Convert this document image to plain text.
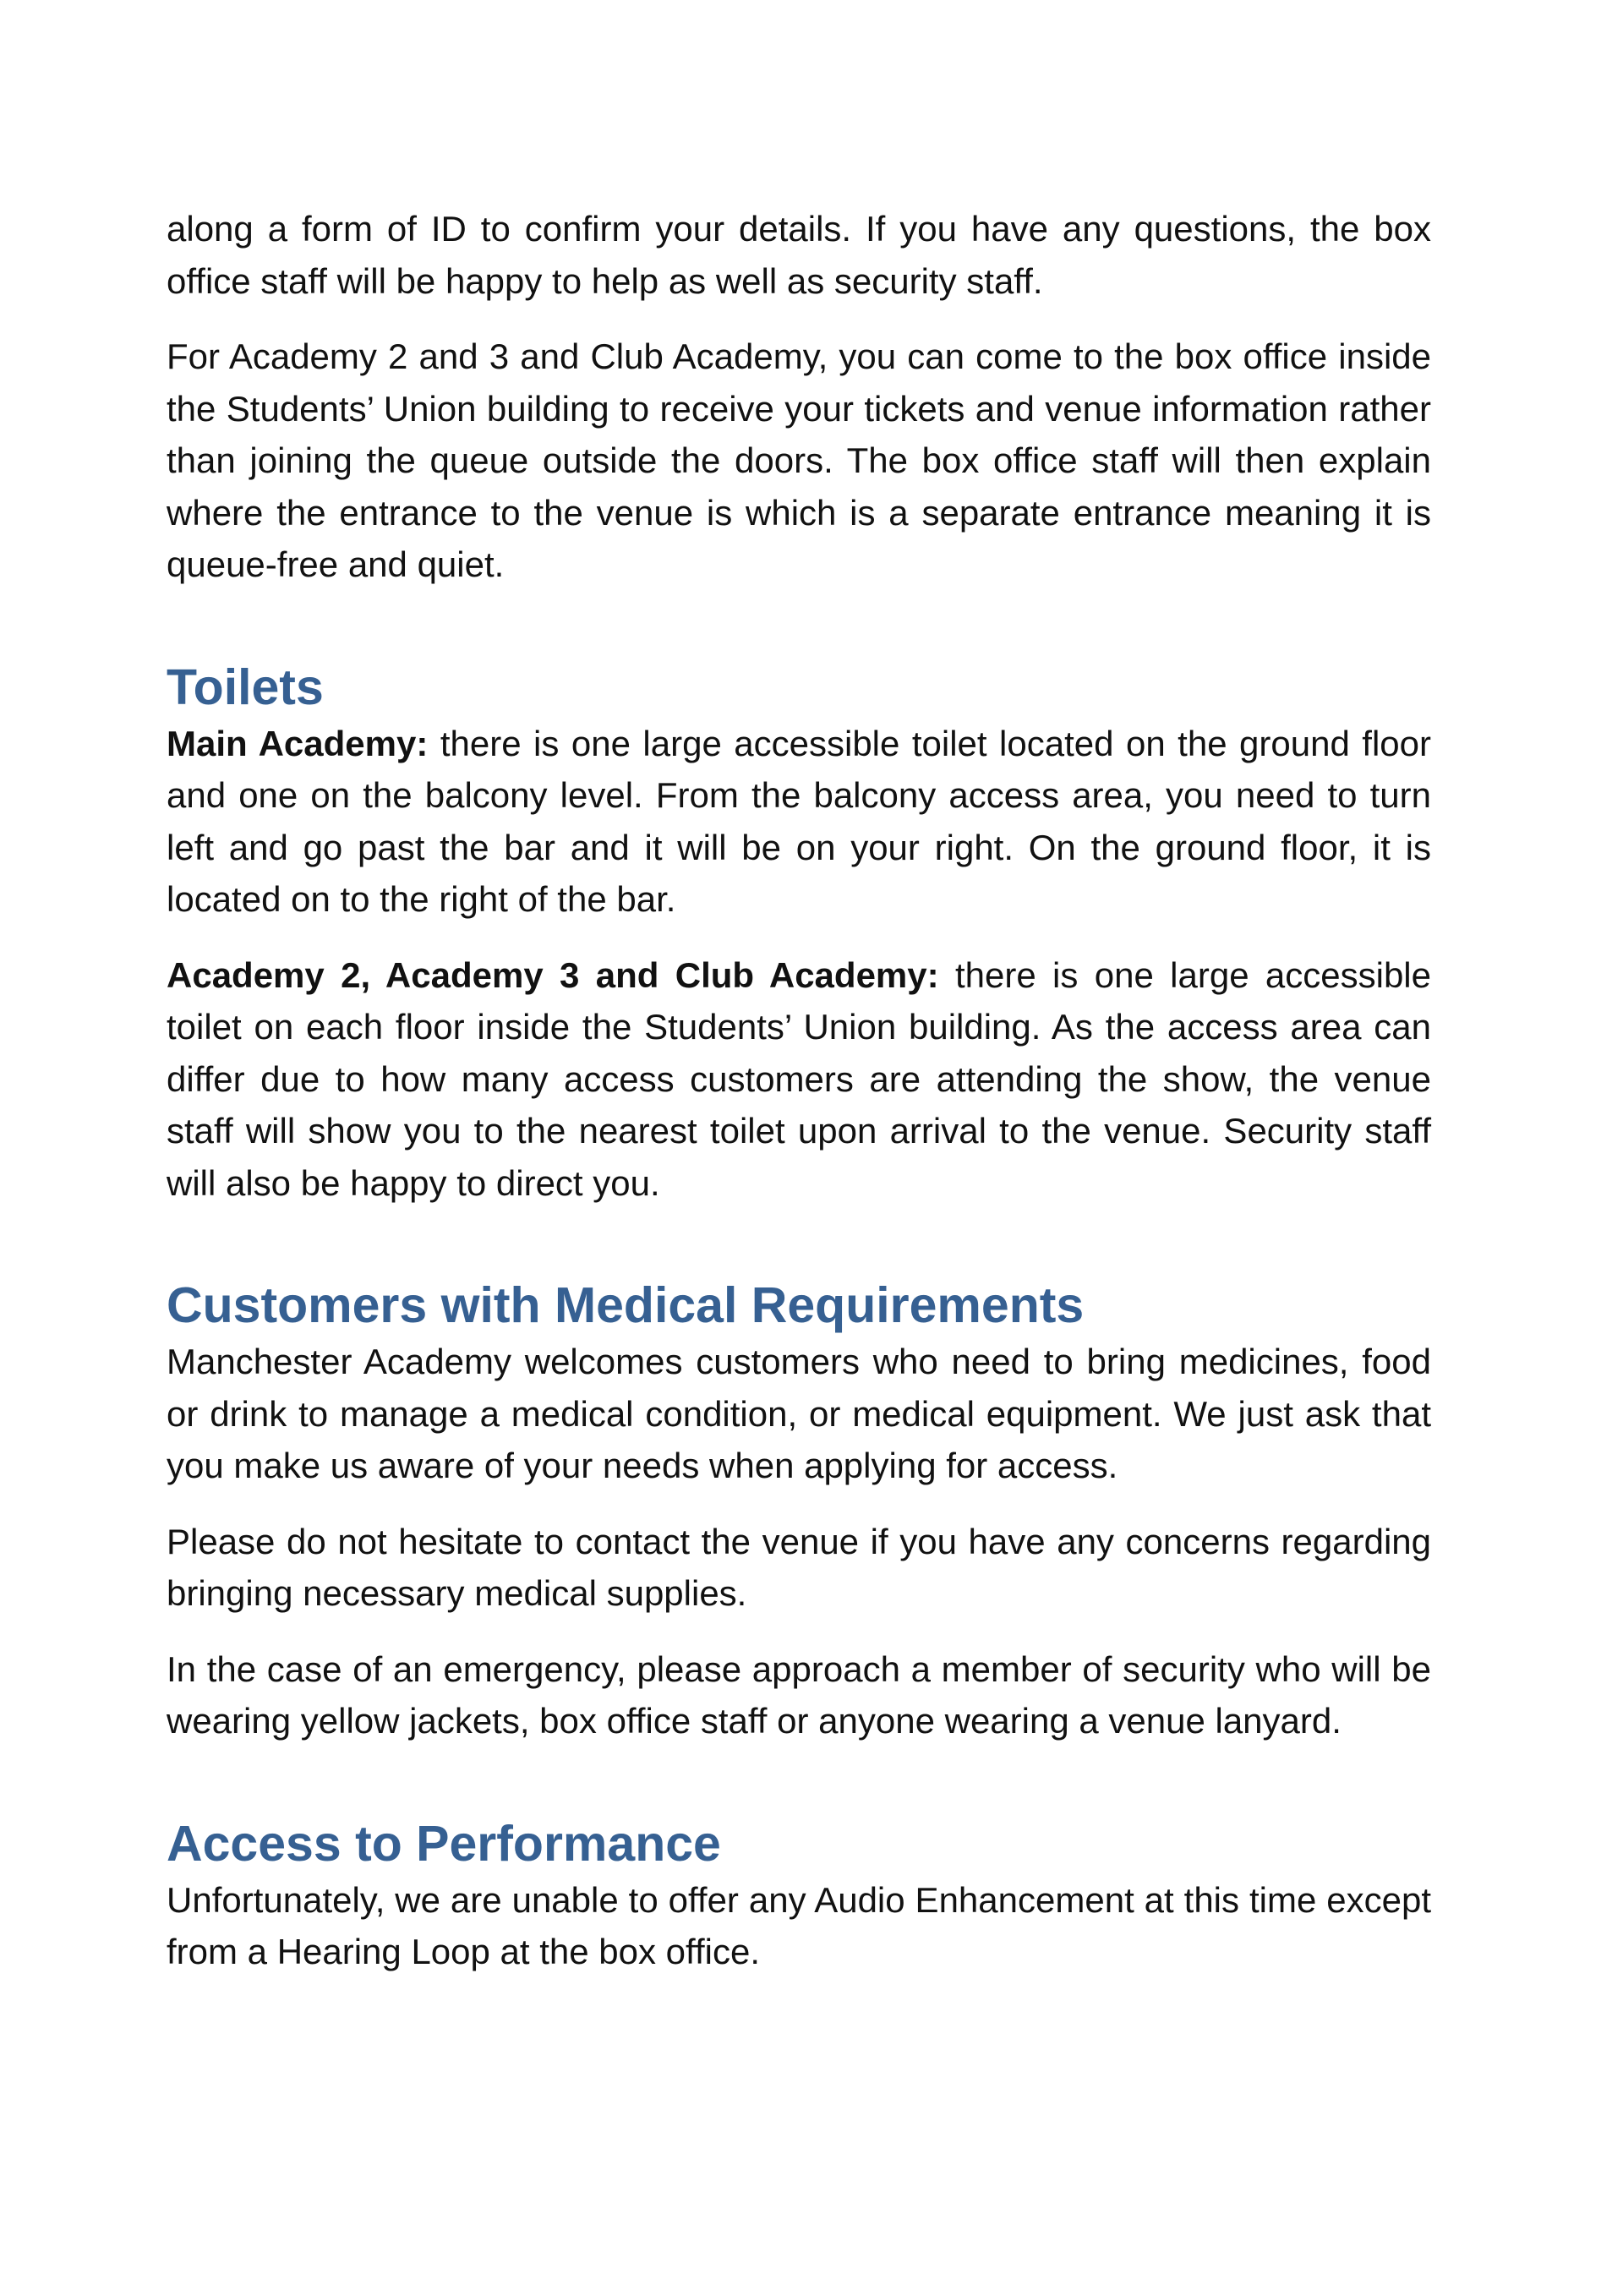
along a form of ID to confirm your details. If you have any questions, the box office staff will be happy to help as well as security staff.

For Academy 2 and 3 and Club Academy, you can come to the box office inside the Students’ Union building to receive your tickets and venue information rather than joining the queue outside the doors. The box office staff will then explain where the entrance to the venue is which is a separate entrance meaning it is queue-free and quiet.

Toilets

Main Academy: there is one large accessible toilet located on the ground floor and one on the balcony level. From the balcony access area, you need to turn left and go past the bar and it will be on your right. On the ground floor, it is located on to the right of the bar.

Academy 2, Academy 3 and Club Academy: there is one large accessible toilet on each floor inside the Students’ Union building. As the access area can differ due to how many access customers are attending the show, the venue staff will show you to the nearest toilet upon arrival to the venue. Security staff will also be happy to direct you.

Customers with Medical Requirements

Manchester Academy welcomes customers who need to bring medicines, food or drink to manage a medical condition, or medical equipment. We just ask that you make us aware of your needs when applying for access.

Please do not hesitate to contact the venue if you have any concerns regarding bringing necessary medical supplies.

In the case of an emergency, please approach a member of security who will be wearing yellow jackets, box office staff or anyone wearing a venue lanyard.

Access to Performance

Unfortunately, we are unable to offer any Audio Enhancement at this time except from a Hearing Loop at the box office.
